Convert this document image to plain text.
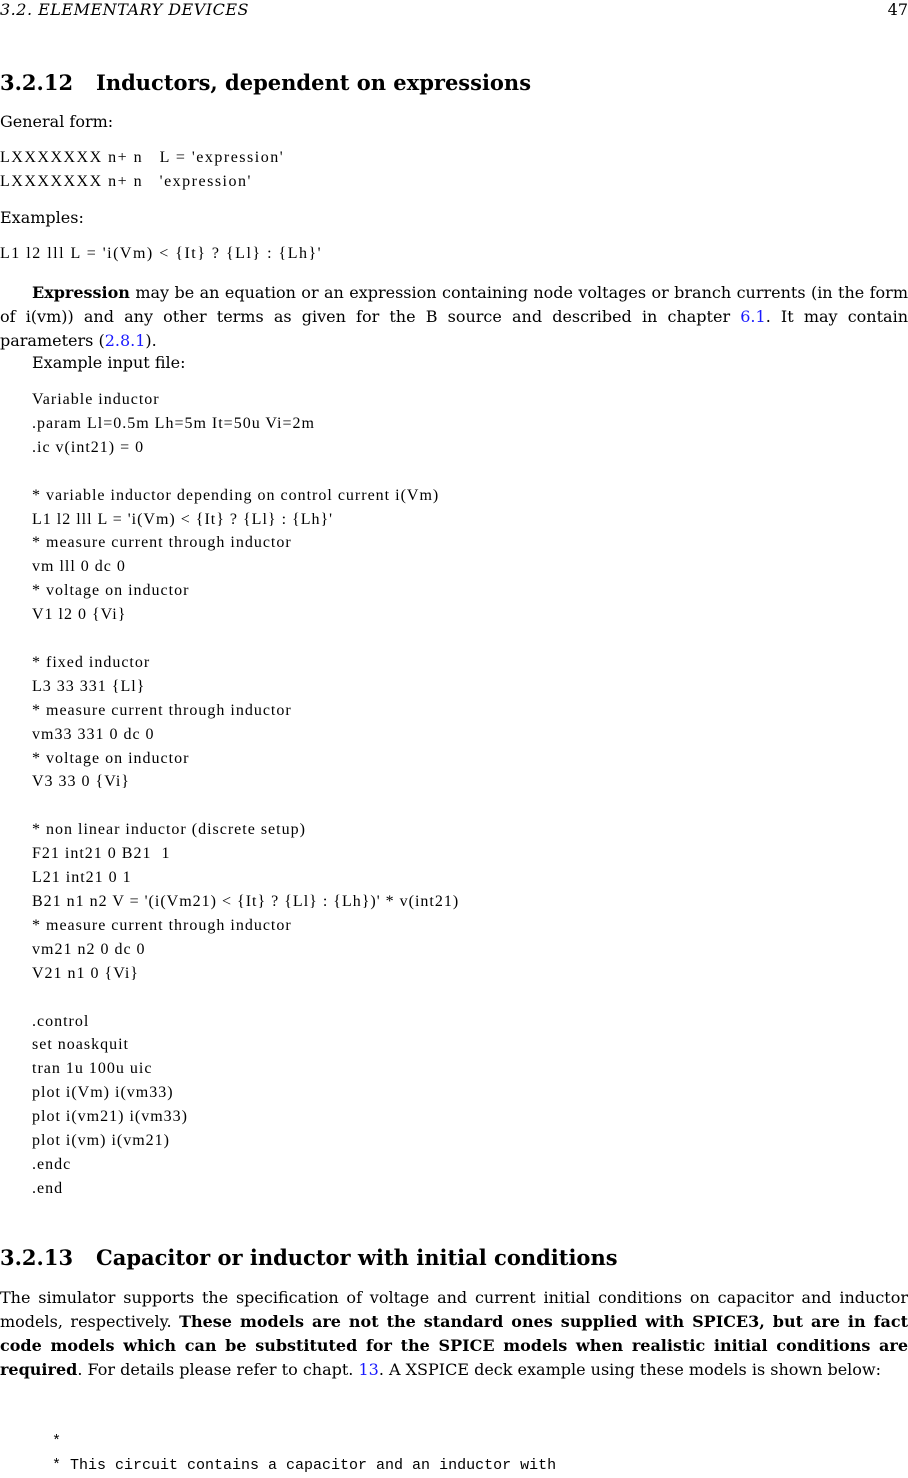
3.2. ELEMENTARY DEVICES	47
3.2.12 Inductors, dependent on expressions
General form:
LXXXXXXX n+ n   L = 'expression'
LXXXXXXX n+ n   'expression'
Examples:
L1 l2 lll L = 'i(Vm) < {It} ? {Ll} : {Lh}'

Expression may be an equation or an expression containing node voltages or branch currents (in the form of i(vm)) and any other terms as given for the B source and described in chapter 6.1. It may contain parameters (2.8.1).

Example input file:
Variable inductor
.param Ll=0.5m Lh=5m It=50u Vi=2m
.ic v(int21) = 0
* variable inductor depending on control current i(Vm)
L1 l2 lll L = 'i(Vm) < {It} ? {Ll} : {Lh}'
* measure current through inductor
vm lll 0 dc 0
* voltage on inductor
V1 l2 0 {Vi}
* fixed inductor
L3 33 331 {Ll}
* measure current through inductor
vm33 331 0 dc 0
* voltage on inductor
V3 33 0 {Vi}
* non linear inductor (discrete setup)
F21 int21 0 B21  1
L21 int21 0 1
B21 n1 n2 V = '(i(Vm21) < {It} ? {Ll} : {Lh})' * v(int21)
* measure current through inductor
vm21 n2 0 dc 0
V21 n1 0 {Vi}
.control
set noaskquit
tran 1u 100u uic
plot i(Vm) i(vm33)
plot i(vm21) i(vm33)
plot i(vm) i(vm21)
.endc
.end
3.2.13 Capacitor or inductor with initial conditions

The simulator supports the specification of voltage and current initial conditions on capacitor and inductor models, respectively. These models are not the standard ones supplied with SPICE3, but are in fact code models which can be substituted for the SPICE models when realistic initial conditions are required. For details please refer to chapt. 13. A XSPICE deck example using these models is shown below:

*
* This circuit contains a capacitor and an inductor with
